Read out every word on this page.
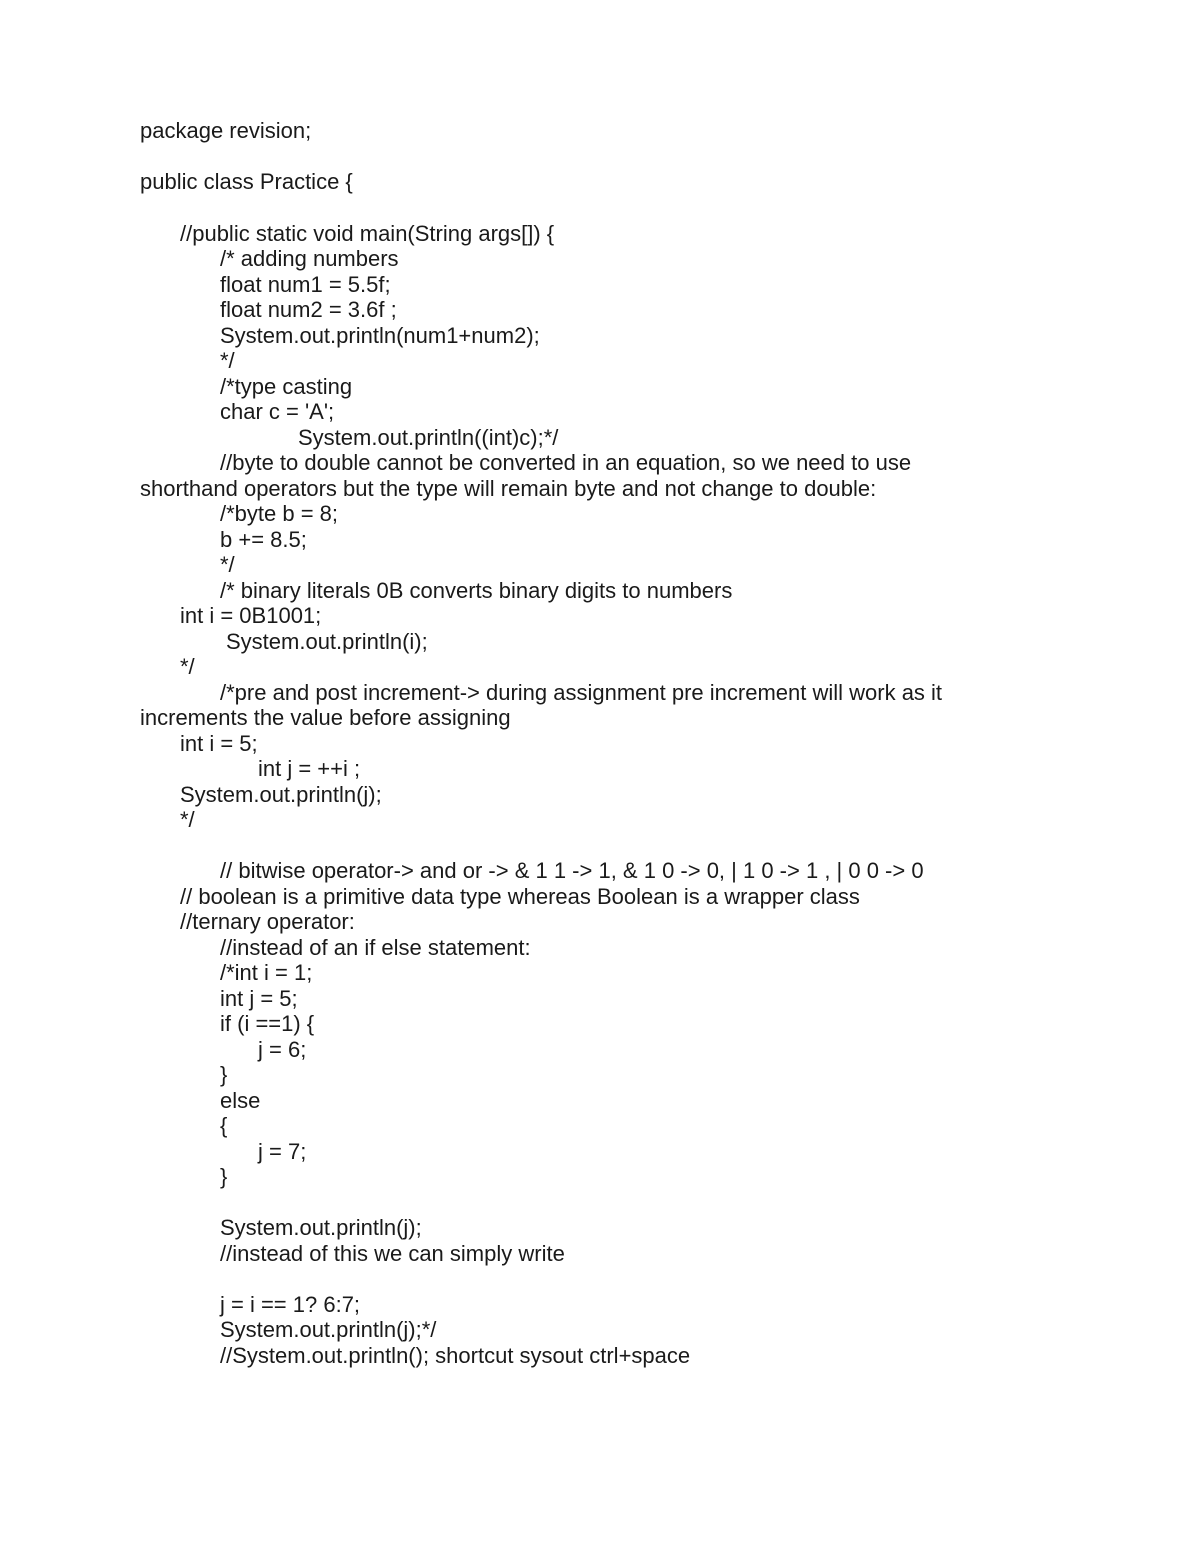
package revision;
public class Practice {
//public static void main(String args[]) {
/* adding numbers
float num1 = 5.5f;
float num2 = 3.6f ;
System.out.println(num1+num2);
*/
/*type casting
char c = 'A';
System.out.println((int)c);*/
//byte to double cannot be converted in an equation, so we need to use
shorthand operators but the type will remain byte and not change to double:
/*byte b = 8;
b += 8.5;
*/
/* binary literals 0B converts binary digits to numbers
int i = 0B1001;
System.out.println(i);
*/
/*pre and post increment-> during assignment pre increment will work as it
increments the value before assigning
int i = 5;
int j = ++i ;
System.out.println(j);
*/
// bitwise operator-> and or -> & 1 1 -> 1, & 1 0 -> 0, | 1 0 -> 1 , | 0 0 -> 0
// boolean is a primitive data type whereas Boolean is a wrapper class
//ternary operator:
//instead of an if else statement:
/*int i = 1;
int j = 5;
if (i ==1) {
j = 6;
}
else
{
j = 7;
}
System.out.println(j);
//instead of this we can simply write
j = i == 1? 6:7;
System.out.println(j);*/
//System.out.println(); shortcut sysout ctrl+space
